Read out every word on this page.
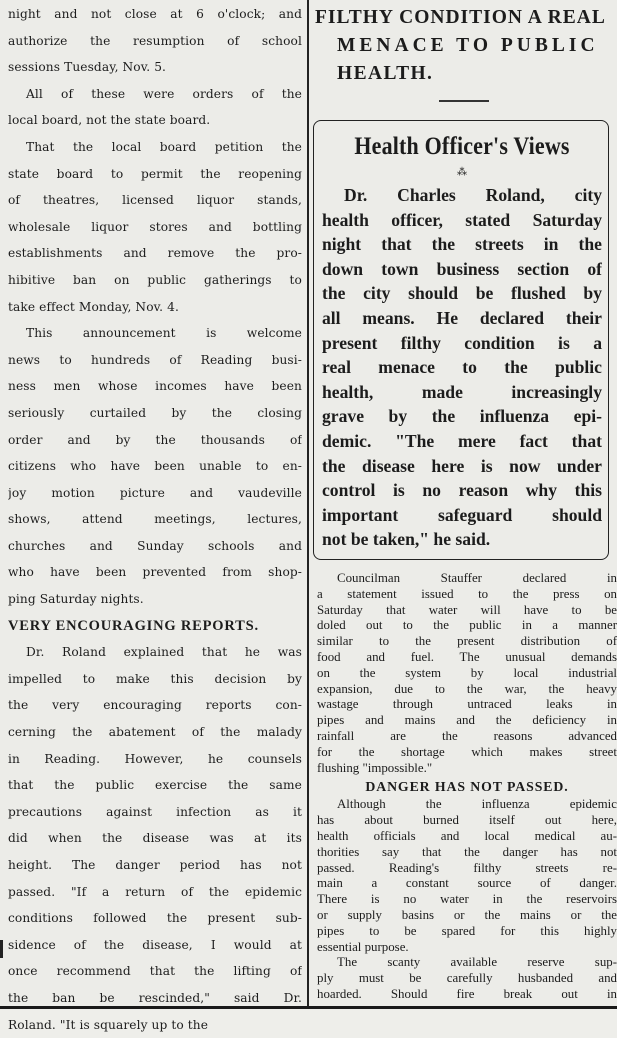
night and not close at 6 o'clock; and
authorize the resumption of school
sessions Tuesday, Nov. 5.
All of these were orders of the
local board, not the state board.
That the local board petition the
state board to permit the reopening
of theatres, licensed liquor stands,
wholesale liquor stores and bottling
establishments and remove the pro-
hibitive ban on public gatherings to
take effect Monday, Nov. 4.
This announcement is welcome
news to hundreds of Reading busi-
ness men whose incomes have been
seriously curtailed by the closing
order and by the thousands of
citizens who have been unable to en-
joy motion picture and vaudeville
shows, attend meetings, lectures,
churches and Sunday schools and
who have been prevented from shop-
ping Saturday nights.
VERY ENCOURAGING REPORTS.
Dr. Roland explained that he was
impelled to make this decision by
the very encouraging reports con-
cerning the abatement of the malady
in Reading. However, he counsels
that the public exercise the same
precautions against infection as it
did when the disease was at its
height. The danger period has not
passed. "If a return of the epidemic
conditions followed the present sub-
sidence of the disease, I would at
once recommend that the lifting of
the ban be rescinded," said Dr.
Roland. "It is squarely up to the
FILTHY CONDITION A REAL
MENACE TO PUBLIC
HEALTH.
Health Officer's Views
⁂
Dr. Charles Roland, city
health officer, stated Saturday
night that the streets in the
down town business section of
the city should be flushed by
all means. He declared their
present filthy condition is a
real menace to the public
health, made increasingly
grave by the influenza epi-
demic. "The mere fact that
the disease here is now under
control is no reason why this
important safeguard should
not be taken," he said.
Councilman Stauffer declared in
a statement issued to the press on
Saturday that water will have to be
doled out to the public in a manner
similar to the present distribution of
food and fuel. The unusual demands
on the system by local industrial
expansion, due to the war, the heavy
wastage through untraced leaks in
pipes and mains and the deficiency in
rainfall are the reasons advanced
for the shortage which makes street
flushing "impossible."
DANGER HAS NOT PASSED.
Although the influenza epidemic
has about burned itself out here,
health officials and local medical au-
thorities say that the danger has not
passed. Reading's filthy streets re-
main a constant source of danger.
There is no water in the reservoirs
or supply basins or the mains or the
pipes to be spared for this highly
essential purpose.
The scanty available reserve sup-
ply must be carefully husbanded and
hoarded. Should fire break out in
